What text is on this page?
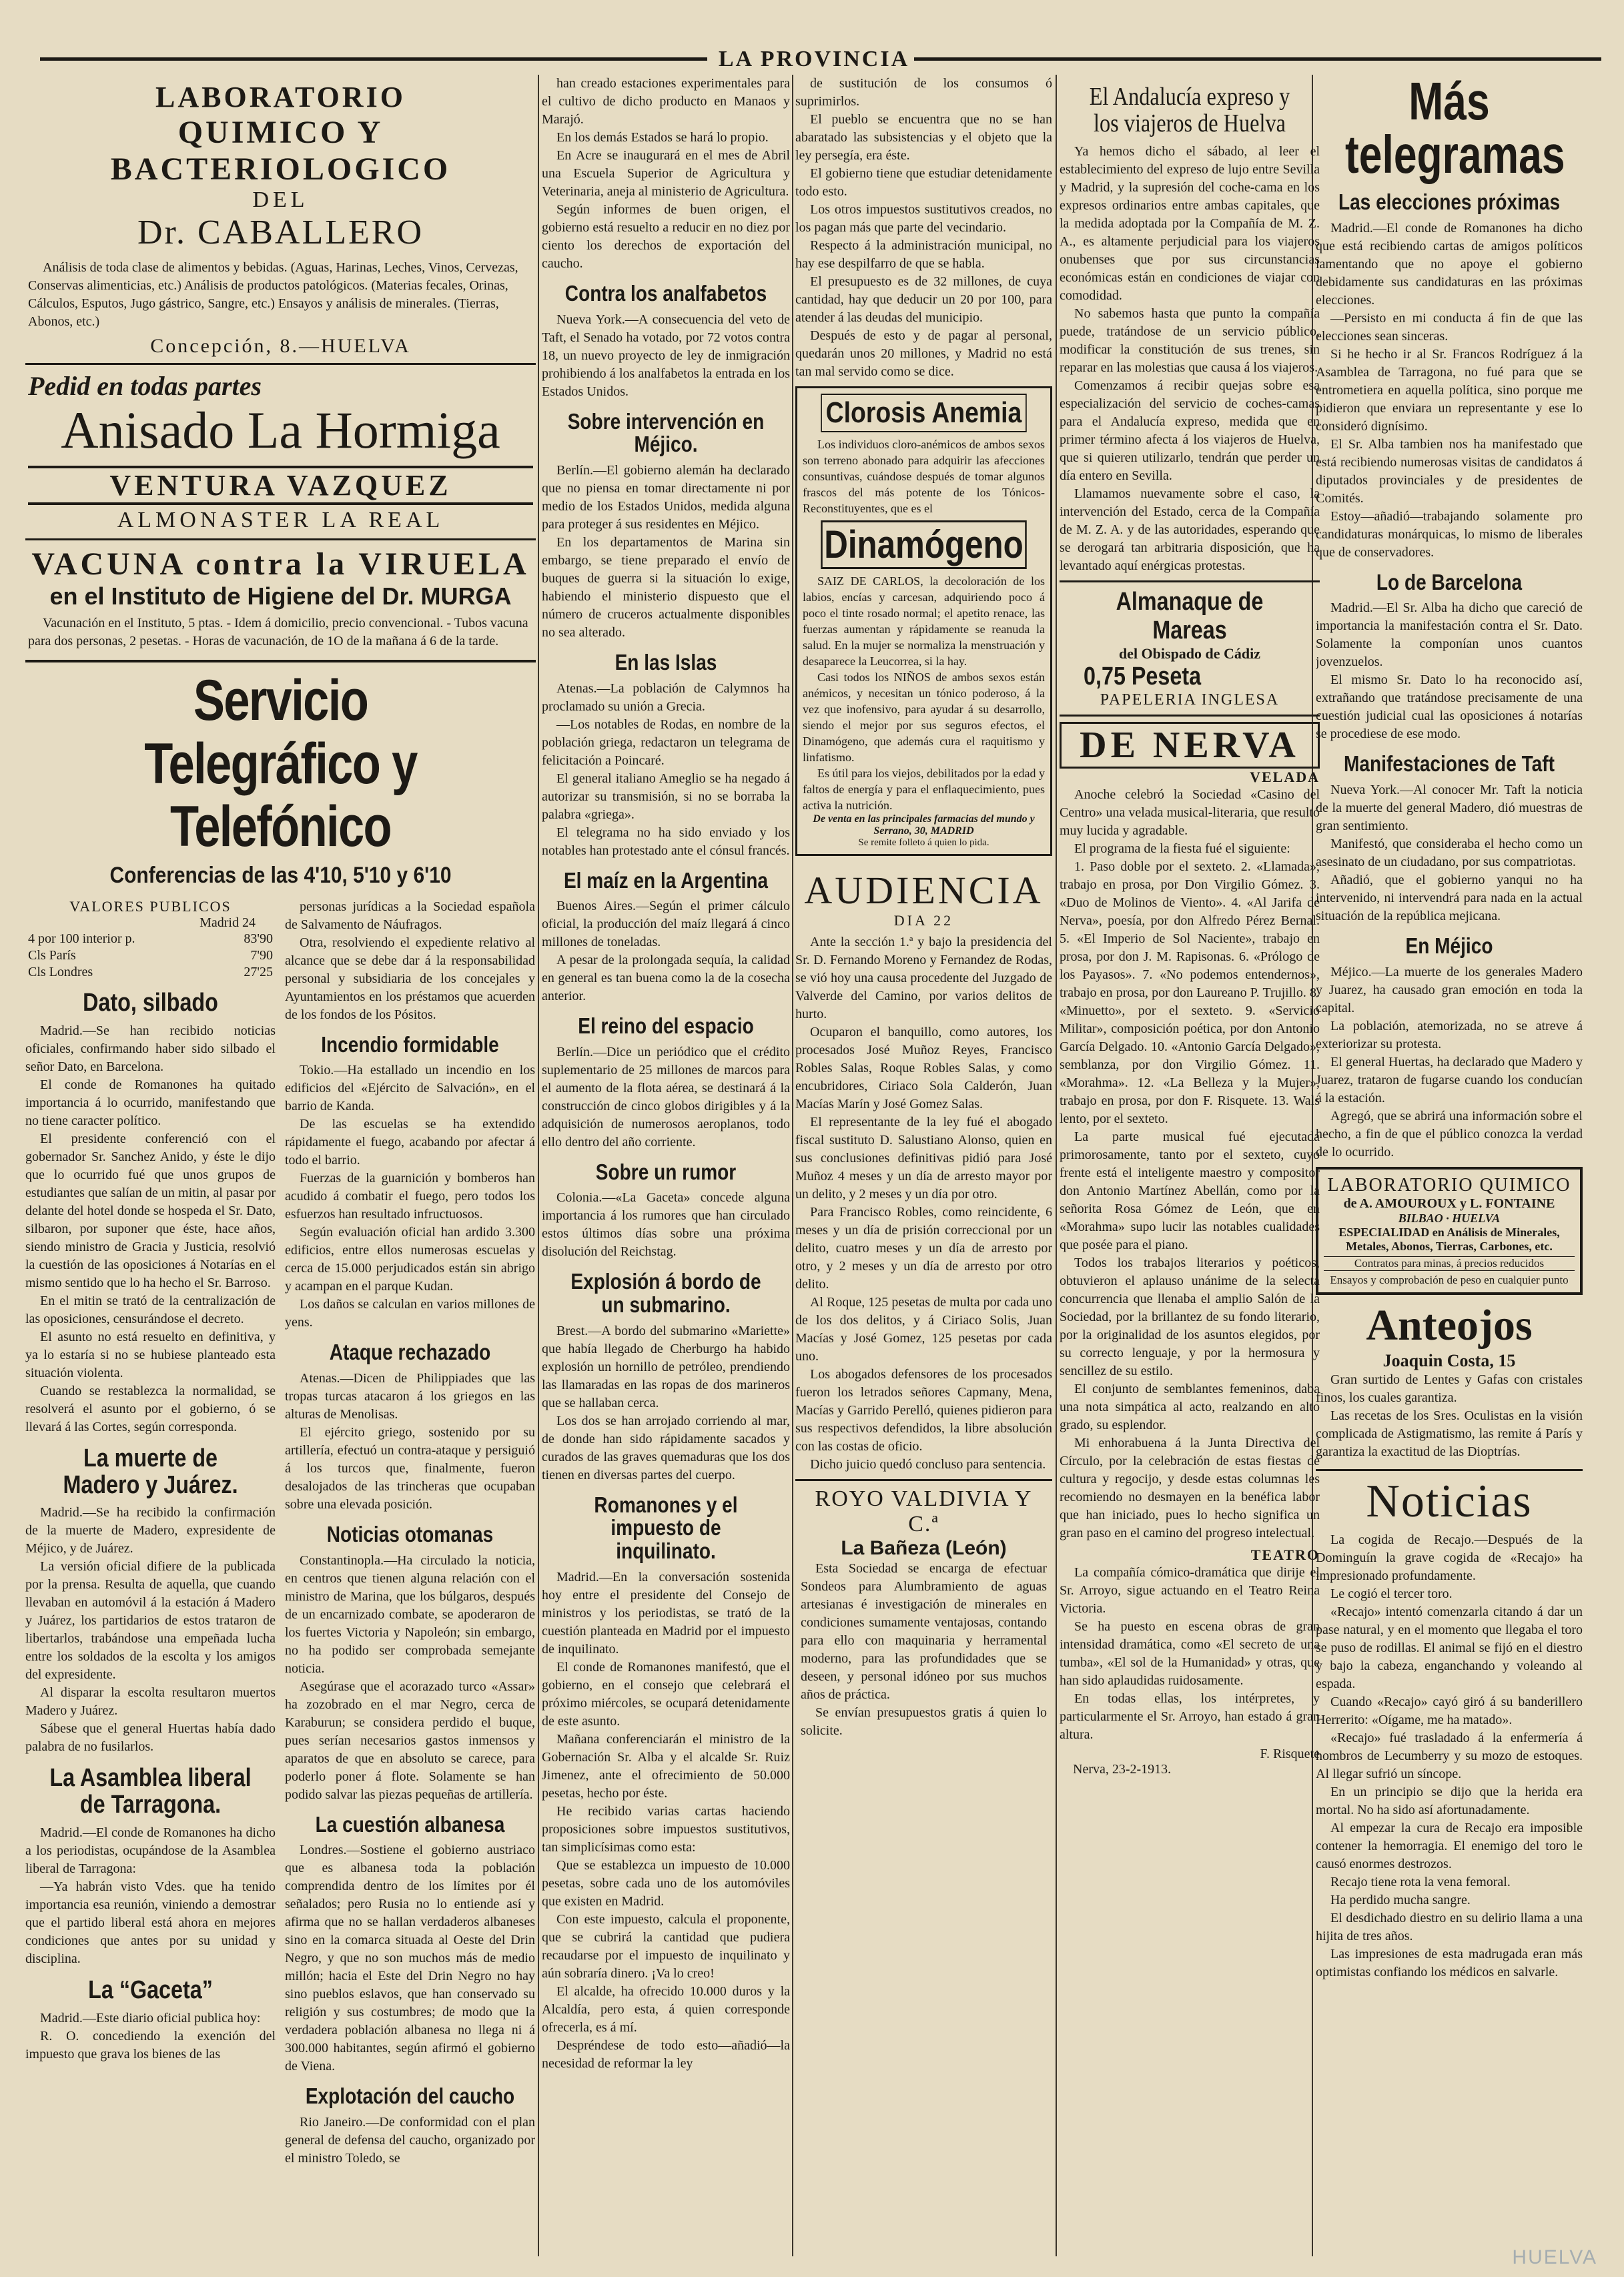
LA PROVINCIA
LABORATORIO
QUIMICO Y BACTERIOLOGICO
DEL
Dr. CABALLERO
Análisis de toda clase de alimentos y bebidas. (Aguas, Harinas, Leches, Vinos, Cervezas, Conservas alimenticias, etc.) Análisis de productos patológicos. (Materias fecales, Orinas, Cálculos, Esputos, Jugo gástrico, Sangre, etc.) Ensayos y análisis de minerales. (Tierras, Abonos, etc.)
Concepción, 8.—HUELVA
Pedid en todas partes
Anisado La Hormiga
VENTURA VAZQUEZ
ALMONASTER LA REAL
VACUNA contra la VIRUELA
en el Instituto de Higiene del Dr. MURGA
Vacunación en el Instituto, 5 ptas. - Idem á domicilio, precio convencional. - Tubos vacuna para dos personas, 2 pesetas. - Horas de vacunación, de 1O de la mañana á 6 de la tarde.
Servicio Telegráfico y Telefónico
Conferencias de las 4'10, 5'10 y 6'10
VALORES PUBLICOS
Madrid 24
4 por 100 interior p.	83'90
Cls París	7'90
Cls Londres	27'25
Dato, silbado

Madrid.—Se han recibido noticias oficiales, confirmando haber sido silbado el señor Dato, en Barcelona.

El conde de Romanones ha quitado importancia á lo ocurrido, manifestando que no tiene caracter político.

El presidente conferenció con el gobernador Sr. Sanchez Anido, y éste le dijo que lo ocurrido fué que unos grupos de estudiantes que salían de un mitin, al pasar por delante del hotel donde se hospeda el Sr. Dato, silbaron, por suponer que éste, hace años, siendo ministro de Gracia y Justicia, resolvió la cuestión de las oposiciones á Notarías en el mismo sentido que lo ha hecho el Sr. Barroso.

En el mitin se trató de la centralización de las oposiciones, censurándose el decreto.

El asunto no está resuelto en definitiva, y ya lo estaría si no se hubiese planteado esta situación violenta.

Cuando se restablezca la normalidad, se resolverá el asunto por el gobierno, ó se llevará á las Cortes, según corresponda.

La muerte de Madero y Juárez.

Madrid.—Se ha recibido la confirmación de la muerte de Madero, expresidente de Méjico, y de Juárez.

La versión oficial difiere de la publicada por la prensa. Resulta de aquella, que cuando llevaban en automóvil á la estación á Madero y Juárez, los partidarios de estos trataron de libertarlos, trabándose una empeñada lucha entre los soldados de la escolta y los amigos del expresidente.

Al disparar la escolta resultaron muertos Madero y Juárez.

Sábese que el general Huertas había dado palabra de no fusilarlos.

La Asamblea liberal de Tarragona.

Madrid.—El conde de Romanones ha dicho a los periodistas, ocupándose de la Asamblea liberal de Tarragona:

—Ya habrán visto Vdes. que ha tenido importancia esa reunión, viniendo a demostrar que el partido liberal está ahora en mejores condiciones que antes por su unidad y disciplina.

La “Gaceta”

Madrid.—Este diario oficial publica hoy:

R. O. concediendo la exención del impuesto que grava los bienes de las

personas jurídicas a la Sociedad española de Salvamento de Náufragos.

Otra, resolviendo el expediente relativo al alcance que se debe dar á la responsabilidad personal y subsidiaria de los concejales y Ayuntamientos en los préstamos que acuerden de los fondos de los Pósitos.

Incendio formidable

Tokio.—Ha estallado un incendio en los edificios del «Ejército de Salvación», en el barrio de Kanda.

De las escuelas se ha extendido rápidamente el fuego, acabando por afectar á todo el barrio.

Fuerzas de la guarnición y bomberos han acudido á combatir el fuego, pero todos los esfuerzos han resultado infructuosos.

Según evaluación oficial han ardido 3.300 edificios, entre ellos numerosas escuelas y cerca de 15.000 perjudicados están sin abrigo y acampan en el parque Kudan.

Los daños se calculan en varios millones de yens.

Ataque rechazado

Atenas.—Dicen de Philippiades que las tropas turcas atacaron á los griegos en las alturas de Menolisas.

El ejército griego, sostenido por su artillería, efectuó un contra-ataque y persiguió á los turcos que, finalmente, fueron desalojados de las trincheras que ocupaban sobre una elevada posición.

Noticias otomanas

Constantinopla.—Ha circulado la noticia, en centros que tienen alguna relación con el ministro de Marina, que los búlgaros, después de un encarnizado combate, se apoderaron de los fuertes Victoria y Napoleón; sin embargo, no ha podido ser comprobada semejante noticia.

Asegúrase que el acorazado turco «Assar» ha zozobrado en el mar Negro, cerca de Karaburun; se considera perdido el buque, pues serían necesarios gastos inmensos y aparatos de que en absoluto se carece, para poderlo poner á flote. Solamente se han podido salvar las piezas pequeñas de artillería.

La cuestión albanesa

Londres.—Sostiene el gobierno austriaco que es albanesa toda la población comprendida dentro de los límites por él señalados; pero Rusia no lo entiende así y afirma que no se hallan verdaderos albaneses sino en la comarca situada al Oeste del Drin Negro, y que no son muchos más de medio millón; hacia el Este del Drin Negro no hay sino pueblos eslavos, que han conservado su religión y sus costumbres; de modo que la verdadera población albanesa no llega ni á 300.000 habitantes, según afirmó el gobierno de Viena.

Explotación del caucho

Rio Janeiro.—De conformidad con el plan general de defensa del caucho, organizado por el ministro Toledo, se

han creado estaciones experimentales para el cultivo de dicho producto en Manaos y Marajó.

En los demás Estados se hará lo propio.

En Acre se inaugurará en el mes de Abril una Escuela Superior de Agricultura y Veterinaria, aneja al ministerio de Agricultura.

Según informes de buen origen, el gobierno está resuelto a reducir en no diez por ciento los derechos de exportación del caucho.

Contra los analfabetos

Nueva York.—A consecuencia del veto de Taft, el Senado ha votado, por 72 votos contra 18, un nuevo proyecto de ley de inmigración prohibiendo á los analfabetos la entrada en los Estados Unidos.

Sobre intervención en Méjico.

Berlín.—El gobierno alemán ha declarado que no piensa en tomar directamente ni por medio de los Estados Unidos, medida alguna para proteger á sus residentes en Méjico.

En los departamentos de Marina sin embargo, se tiene preparado el envío de buques de guerra si la situación lo exige, habiendo el ministerio dispuesto que el número de cruceros actualmente disponibles no sea alterado.

En las Islas

Atenas.—La población de Calymnos ha proclamado su unión a Grecia.

—Los notables de Rodas, en nombre de la población griega, redactaron un telegrama de felicitación a Poincaré.

El general italiano Ameglio se ha negado á autorizar su transmisión, si no se borraba la palabra «griega».

El telegrama no ha sido enviado y los notables han protestado ante el cónsul francés.

El maíz en la Argentina

Buenos Aires.—Según el primer cálculo oficial, la producción del maíz llegará á cinco millones de toneladas.

A pesar de la prolongada sequía, la calidad en general es tan buena como la de la cosecha anterior.

El reino del espacio

Berlín.—Dice un periódico que el crédito suplementario de 25 millones de marcos para el aumento de la flota aérea, se destinará á la construcción de cinco globos dirigibles y á la adquisición de numerosos aeroplanos, todo ello dentro del año corriente.

Sobre un rumor

Colonia.—«La Gaceta» concede alguna importancia á los rumores que han circulado estos últimos días sobre una próxima disolución del Reichstag.

Explosión á bordo de un submarino.

Brest.—A bordo del submarino «Mariette» que había llegado de Cherburgo ha habido explosión un hornillo de petróleo, prendiendo las llamaradas en las ropas de dos marineros que se hallaban cerca.

Los dos se han arrojado corriendo al mar, de donde han sido rápidamente sacados y curados de las graves quemaduras que los dos tienen en diversas partes del cuerpo.

Romanones y el impuesto de inquilinato.

Madrid.—En la conversación sostenida hoy entre el presidente del Consejo de ministros y los periodistas, se trató de la cuestión planteada en Madrid por el impuesto de inquilinato.

El conde de Romanones manifestó, que el gobierno, en el consejo que celebrará el próximo miércoles, se ocupará detenidamente de este asunto.

Mañana conferenciarán el ministro de la Gobernación Sr. Alba y el alcalde Sr. Ruiz Jimenez, ante el ofrecimiento de 50.000 pesetas, hecho por éste.

He recibido varias cartas haciendo proposiciones sobre impuestos sustitutivos, tan simplicísimas como esta:

Que se establezca un impuesto de 10.000 pesetas, sobre cada uno de los automóviles que existen en Madrid.

Con este impuesto, calcula el proponente, que se cubrirá la cantidad que pudiera recaudarse por el impuesto de inquilinato y aún sobraría dinero. ¡Va lo creo!

El alcalde, ha ofrecido 10.000 duros y la Alcaldía, pero esta, á quien corresponde ofrecerla, es á mí.

Despréndese de todo esto—añadió—la necesidad de reformar la ley

de sustitución de los consumos ó suprimirlos.

El pueblo se encuentra que no se han abaratado las subsistencias y el objeto que la ley persegía, era éste.

El gobierno tiene que estudiar detenidamente todo esto.

Los otros impuestos sustitutivos creados, no los pagan más que parte del vecindario.

Respecto á la administración municipal, no hay ese despilfarro de que se habla.

El presupuesto es de 32 millones, de cuya cantidad, hay que deducir un 20 por 100, para atender á las deudas del municipio.

Después de esto y de pagar al personal, quedarán unos 20 millones, y Madrid no está tan mal servido como se dice.

Clorosis Anemia

Los individuos cloro-anémicos de ambos sexos son terreno abonado para adquirir las afecciones consuntivas, cuándose después de tomar algunos frascos del más potente de los Tónicos-Reconstituyentes, que es el

Dinamógeno

SAIZ DE CARLOS, la decoloración de los labios, encías y carcesan, adquiriendo poco á poco el tinte rosado normal; el apetito renace, las fuerzas aumentan y rápidamente se reanuda la salud. En la mujer se normaliza la menstruación y desaparece la Leucorrea, si la hay.

Casi todos los NIÑOS de ambos sexos están anémicos, y necesitan un tónico poderoso, á la vez que inofensivo, para ayudar á su desarrollo, siendo el mejor por sus seguros efectos, el Dinamógeno, que además cura el raquitismo y linfatismo.

Es útil para los viejos, debilitados por la edad y faltos de energía y para el enflaquecimiento, pues activa la nutrición.

De venta en las principales farmacias del mundo y Serrano, 30, MADRID
Se remite folleto á quien lo pida.
AUDIENCIA
DIA 22

Ante la sección 1.ª y bajo la presidencia del Sr. D. Fernando Moreno y Fernandez de Rodas, se vió hoy una causa procedente del Juzgado de Valverde del Camino, por varios delitos de hurto.

Ocuparon el banquillo, como autores, los procesados José Muñoz Reyes, Francisco Robles Salas, Roque Robles Salas, y como encubridores, Ciriaco Sola Calderón, Juan Macías Marín y José Gomez Salas.

El representante de la ley fué el abogado fiscal sustituto D. Salustiano Alonso, quien en sus conclusiones definitivas pidió para José Muñoz 4 meses y un día de arresto mayor por un delito, y 2 meses y un día por otro.

Para Francisco Robles, como reincidente, 6 meses y un día de prisión correccional por un delito, cuatro meses y un día de arresto por otro, y 2 meses y un día de arresto por otro delito.

Al Roque, 125 pesetas de multa por cada uno de los dos delitos, y á Ciriaco Solis, Juan Macías y José Gomez, 125 pesetas por cada uno.

Los abogados defensores de los procesados fueron los letrados señores Capmany, Mena, Macías y Garrido Perelló, quienes pidieron para sus respectivos defendidos, la libre absolución con las costas de oficio.

Dicho juicio quedó concluso para sentencia.

ROYO VALDIVIA Y C.ª
La Bañeza (León)

Esta Sociedad se encarga de efectuar Sondeos para Alumbramiento de aguas artesianas é investigación de minerales en condiciones sumamente ventajosas, contando para ello con maquinaria y herramental moderno, para las profundidades que se deseen, y personal idóneo por sus muchos años de práctica.

Se envían presupuestos gratis á quien lo solicite.

El Andalucía expreso y los viajeros de Huelva

Ya hemos dicho el sábado, al leer el establecimiento del expreso de lujo entre Sevilla y Madrid, y la supresión del coche-cama en los expresos ordinarios entre ambas capitales, que la medida adoptada por la Compañía de M. Z. A., es altamente perjudicial para los viajeros onubenses que por sus circunstancias económicas están en condiciones de viajar con comodidad.

No sabemos hasta que punto la compañía puede, tratándose de un servicio público, modificar la constitución de sus trenes, sin reparar en las molestias que causa á los viajeros.

Comenzamos á recibir quejas sobre esa especialización del servicio de coches-camas para el Andalucía expreso, medida que en primer término afecta á los viajeros de Huelva, que si quieren utilizarlo, tendrán que perder un día entero en Sevilla.

Llamamos nuevamente sobre el caso, la intervención del Estado, cerca de la Compañía de M. Z. A. y de las autoridades, esperando que se derogará tan arbitraria disposición, que ha levantado aquí enérgicas protestas.

Almanaque de Mareas
del Obispado de Cádiz
0,75 Peseta
PAPELERIA INGLESA
DE NERVA
VELADA

Anoche celebró la Sociedad «Casino del Centro» una velada musical-literaria, que resultó muy lucida y agradable.

El programa de la fiesta fué el siguiente:

1. Paso doble por el sexteto. 2. «Llamada», trabajo en prosa, por Don Virgilio Gómez. 3. «Duo de Molinos de Viento». 4. «Al Jarifa de Nerva», poesía, por don Alfredo Pérez Bernal. 5. «El Imperio de Sol Naciente», trabajo en prosa, por don J. M. Rapisonas. 6. «Prólogo de los Payasos». 7. «No podemos entendernos», trabajo en prosa, por don Laureano P. Trujillo. 8. «Minuetto», por el sexteto. 9. «Servicio Militar», composición poética, por don Antonio García Delgado. 10. «Antonio García Delgado», semblanza, por don Virgilio Gómez. 11. «Morahma». 12. «La Belleza y la Mujer», trabajo en prosa, por don F. Risquete. 13. Wals lento, por el sexteto.

La parte musical fué ejecutada primorosamente, tanto por el sexteto, cuyo frente está el inteligente maestro y compositor don Antonio Martínez Abellán, como por la señorita Rosa Gómez de León, que en «Morahma» supo lucir las notables cualidades que posée para el piano.

Todos los trabajos literarios y poéticos, obtuvieron el aplauso unánime de la selecta concurrencia que llenaba el amplio Salón de la Sociedad, por la brillantez de su fondo literario, por la originalidad de los asuntos elegidos, por su correcto lenguaje, y por la hermosura y sencillez de su estilo.

El conjunto de semblantes femeninos, daba una nota simpática al acto, realzando en alto grado, su esplendor.

Mi enhorabuena á la Junta Directiva del Círculo, por la celebración de estas fiestas de cultura y regocijo, y desde estas columnas les recomiendo no desmayen en la benéfica labor que han iniciado, pues lo hecho significa un gran paso en el camino del progreso intelectual.

TEATRO

La compañía cómico-dramática que dirije el Sr. Arroyo, sigue actuando en el Teatro Reina Victoria.

Se ha puesto en escena obras de gran intensidad dramática, como «El secreto de una tumba», «El sol de la Humanidad» y otras, que han sido aplaudidas ruidosamente.

En todas ellas, los intérpretes, y particularmente el Sr. Arroyo, han estado á gran altura.

F. Risquete
Nerva, 23-2-1913.
Más telegramas
Las elecciones próximas

Madrid.—El conde de Romanones ha dicho que está recibiendo cartas de amigos políticos lamentando que no apoye el gobierno debidamente sus candidaturas en las próximas elecciones.

—Persisto en mi conducta á fin de que las elecciones sean sinceras.

Si he hecho ir al Sr. Francos Rodríguez á la Asamblea de Tarragona, no fué para que se entrometiera en aquella política, sino porque me pidieron que enviara un representante y ese lo consideró dignísimo.

El Sr. Alba tambien nos ha manifestado que está recibiendo numerosas visitas de candidatos á diputados provinciales y de presidentes de Comités.

Estoy—añadió—trabajando solamente pro candidaturas monárquicas, lo mismo de liberales que de conservadores.

Lo de Barcelona

Madrid.—El Sr. Alba ha dicho que careció de importancia la manifestación contra el Sr. Dato. Solamente la componían unos cuantos jovenzuelos.

El mismo Sr. Dato lo ha reconocido así, extrañando que tratándose precisamente de una cuestión judicial cual las oposiciones á notarías se procediese de ese modo.

Manifestaciones de Taft

Nueva York.—Al conocer Mr. Taft la noticia de la muerte del general Madero, dió muestras de gran sentimiento.

Manifestó, que consideraba el hecho como un asesinato de un ciudadano, por sus compatriotas.

Añadió, que el gobierno yanqui no ha intervenido, ni intervendrá para nada en la actual situación de la república mejicana.

En Méjico

Méjico.—La muerte de los generales Madero y Juarez, ha causado gran emoción en toda la capital.

La población, atemorizada, no se atreve á exteriorizar su protesta.

El general Huertas, ha declarado que Madero y Juarez, trataron de fugarse cuando los conducían á la estación.

Agregó, que se abrirá una información sobre el hecho, a fin de que el público conozca la verdad de lo ocurrido.

LABORATORIO QUIMICO
de A. AMOUROUX y L. FONTAINE
BILBAO · HUELVA
ESPECIALIDAD en Análisis de Minerales, Metales, Abonos, Tierras, Carbones, etc.
Contratos para minas, á precios reducidos
Ensayos y comprobación de peso en cualquier punto
Anteojos
Joaquin Costa, 15

Gran surtido de Lentes y Gafas con cristales finos, los cuales garantiza.

Las recetas de los Sres. Oculistas en la visión complicada de Astigmatismo, las remite á París y garantiza la exactitud de las Dioptrías.

Noticias

La cogida de Recajo.—Después de la Dominguín la grave cogida de «Recajo» ha impresionado profundamente.

Le cogió el tercer toro.

«Recajo» intentó comenzarla citando á dar un pase natural, y en el momento que llegaba el toro se puso de rodillas. El animal se fijó en el diestro y bajo la cabeza, enganchando y voleando al espada.

Cuando «Recajo» cayó giró á su banderillero Herrerito: «Oígame, me ha matado».

«Recajo» fué trasladado á la enfermería á hombros de Lecumberry y su mozo de estoques. Al llegar sufrió un síncope.

En un principio se dijo que la herida era mortal. No ha sido así afortunadamente.

Al empezar la cura de Recajo era imposible contener la hemorragia. El enemigo del toro le causó enormes destrozos.

Recajo tiene rota la vena femoral.

Ha perdido mucha sangre.

El desdichado diestro en su delirio llama a una hijita de tres años.

Las impresiones de esta madrugada eran más optimistas confiando los médicos en salvarle.

HUELVA
